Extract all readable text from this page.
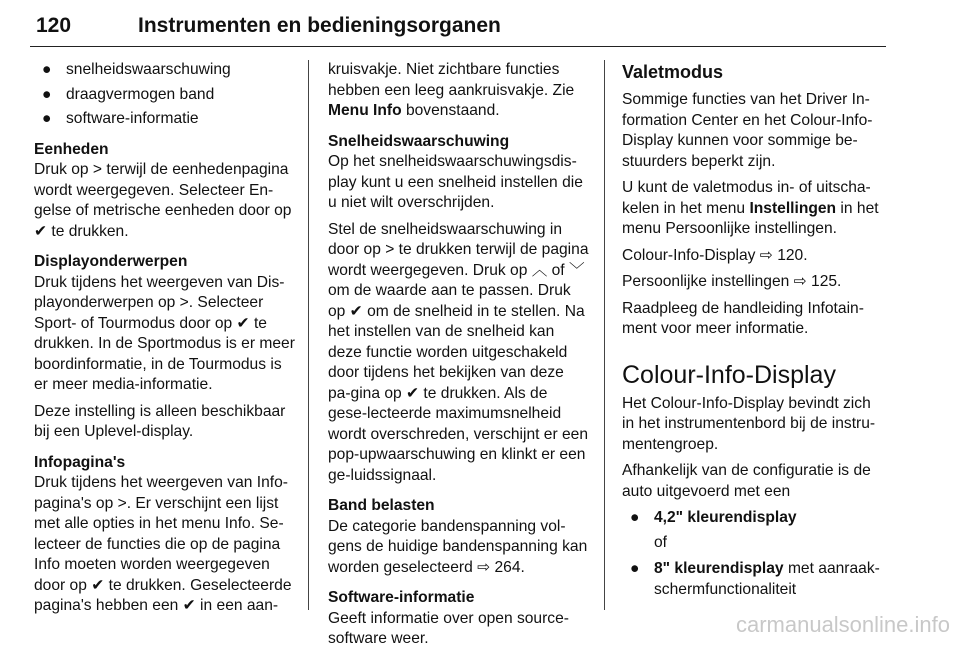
120	Instrumenten en bedieningsorganen
● snelheidswaarschuwing
● draagvermogen band
● software-informatie
Eenheden

Druk op > terwijl de eenhedenpagina wordt weergegeven. Selecteer En-gelse of metrische eenheden door op ✔ te drukken.

Displayonderwerpen

Druk tijdens het weergeven van Dis-playonderwerpen op >. Selecteer Sport- of Tourmodus door op ✔ te drukken. In de Sportmodus is er meer boordinformatie, in de Tourmodus is er meer media-informatie.

Deze instelling is alleen beschikbaar bij een Uplevel-display.

Infopagina's

Druk tijdens het weergeven van Info-pagina's op >. Er verschijnt een lijst met alle opties in het menu Info. Se-lecteer de functies die op de pagina Info moeten worden weergegeven door op ✔ te drukken. Geselecteerde pagina's hebben een ✔ in een aan-

kruisvakje. Niet zichtbare functies hebben een leeg aankruisvakje. Zie Menu Info bovenstaand.

Snelheidswaarschuwing

Op het snelheidswaarschuwingsdis-play kunt u een snelheid instellen die u niet wilt overschrijden.

Stel de snelheidswaarschuwing in door op > te drukken terwijl de pagina wordt weergegeven. Druk op ︿ of ﹀ om de waarde aan te passen. Druk op ✔ om de snelheid in te stellen. Na het instellen van de snelheid kan deze functie worden uitgeschakeld door tijdens het bekijken van deze pa-gina op ✔ te drukken. Als de gese-lecteerde maximumsnelheid wordt overschreden, verschijnt er een pop-upwaarschuwing en klinkt er een ge-luidssignaal.

Band belasten

De categorie bandenspanning vol-gens de huidige bandenspanning kan worden geselecteerd ⇨ 264.

Software-informatie

Geeft informatie over open source-software weer.

Valetmodus

Sommige functies van het Driver In-formation Center en het Colour-Info-Display kunnen voor sommige be-stuurders beperkt zijn.

U kunt de valetmodus in- of uitscha-kelen in het menu Instellingen in het menu Persoonlijke instellingen.

Colour-Info-Display ⇨ 120.

Persoonlijke instellingen ⇨ 125.

Raadpleeg de handleiding Infotain-ment voor meer informatie.

Colour-Info-Display

Het Colour-Info-Display bevindt zich in het instrumentenbord bij de instru-mentengroep.

Afhankelijk van de configuratie is de auto uitgevoerd met een

● 4,2" kleurendisplay
of
● 8" kleurendisplay met aanraak-schermfunctionaliteit
carmanualsonline.info
